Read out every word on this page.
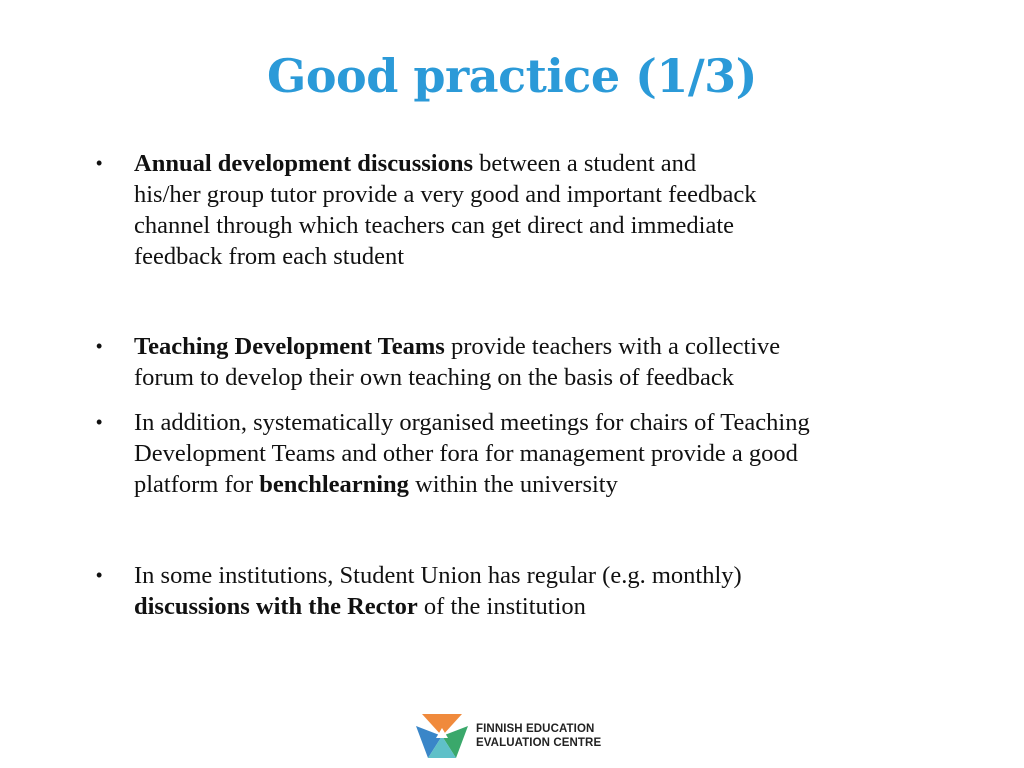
Good practice (1/3)
• Annual development discussions between a student and
his/her group tutor provide a very good and important feedback
channel through which teachers can get direct and immediate
feedback from each student
• Teaching Development Teams provide teachers with a collective
forum to develop their own teaching on the basis of feedback
• In addition, systematically organised meetings for chairs of Teaching
Development Teams and other fora for management provide a good
platform for benchlearning within the university
• In some institutions, Student Union has regular (e.g. monthly)
discussions with the Rector of the institution
FINNISH EDUCATION
EVALUATION CENTRE
